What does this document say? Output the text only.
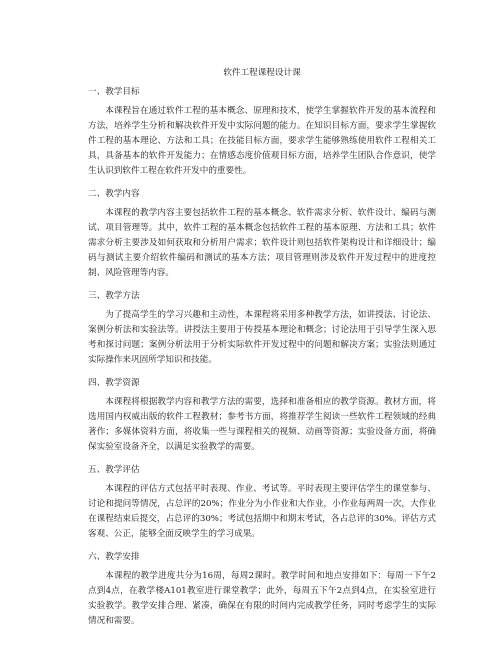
软件工程课程设计课
一、教学目标

本课程旨在通过软件工程的基本概念、原理和技术，使学生掌握软件开发的基本流程和方法，培养学生分析和解决软件开发中实际问题的能力。在知识目标方面，要求学生掌握软件工程的基本理论、方法和工具；在技能目标方面，要求学生能够熟练使用软件工程相关工具，具备基本的软件开发能力；在情感态度价值观目标方面，培养学生团队合作意识，使学生认识到软件工程在软件开发中的重要性。

二、教学内容

本课程的教学内容主要包括软件工程的基本概念、软件需求分析、软件设计、编码与测试、项目管理等。其中，软件工程的基本概念包括软件工程的基本原理、方法和工具；软件需求分析主要涉及如何获取和分析用户需求；软件设计则包括软件架构设计和详细设计；编码与测试主要介绍软件编码和测试的基本方法；项目管理则涉及软件开发过程中的进度控制、风险管理等内容。

三、教学方法

为了提高学生的学习兴趣和主动性，本课程将采用多种教学方法，如讲授法、讨论法、案例分析法和实验法等。讲授法主要用于传授基本理论和概念；讨论法用于引导学生深入思考和探讨问题；案例分析法用于分析实际软件开发过程中的问题和解决方案；实验法则通过实际操作来巩固所学知识和技能。

四、教学资源

本课程将根据教学内容和教学方法的需要，选择和准备相应的教学资源。教材方面，将选用国内权威出版的软件工程教材；参考书方面，将推荐学生阅读一些软件工程领域的经典著作；多媒体资料方面，将收集一些与课程相关的视频、动画等资源；实验设备方面，将确保实验室设备齐全，以满足实验教学的需要。

五、教学评估

本课程的评估方式包括平时表现、作业、考试等。平时表现主要评估学生的课堂参与、讨论和提问等情况，占总评的20%；作业分为小作业和大作业，小作业每两周一次，大作业在课程结束后提交，占总评的30%；考试包括期中和期末考试，各占总评的30%。评估方式客观、公正，能够全面反映学生的学习成果。

六、教学安排

本课程的教学进度共分为16周，每周2课时。教学时间和地点安排如下：每周一下午2点到4点，在教学楼A101教室进行课堂教学；此外，每周五下午2点到4点，在实验室进行实验教学。教学安排合理、紧凑，确保在有限的时间内完成教学任务，同时考虑学生的实际情况和需要。
